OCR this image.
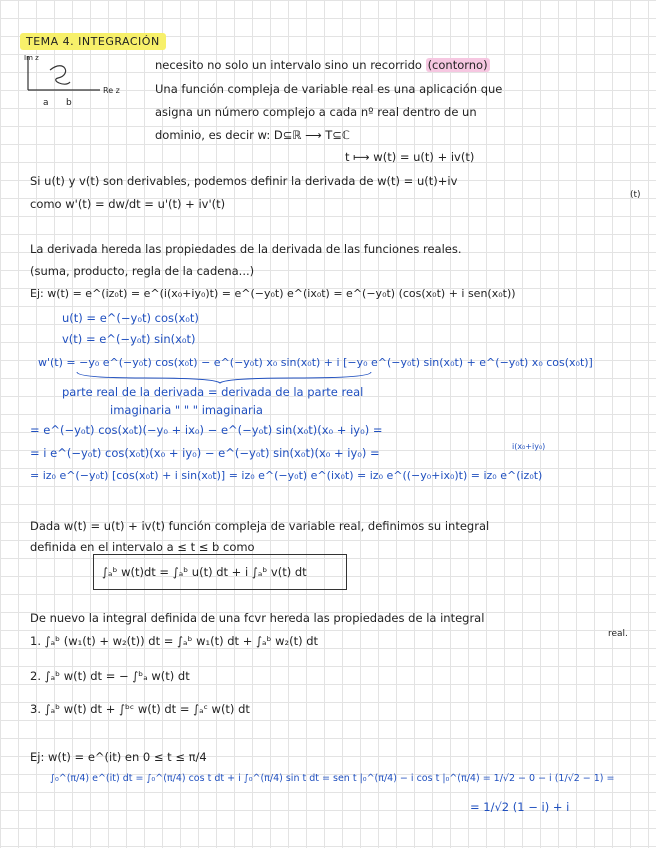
TEMA 4. INTEGRACIÓN
Im z
Re z
a b
necesito no solo un intervalo sino un recorrido (contorno)
Una función compleja de variable real es una aplicación que
asigna un número complejo a cada nº real dentro de un
dominio, es decir w: D⊆ℝ ⟶ T⊆ℂ
t ⟼ w(t) = u(t) + iv(t)
Si u(t) y v(t) son derivables, podemos definir la derivada de w(t) = u(t)+iv
(t)
como w'(t) = dw/dt = u'(t) + iv'(t)
La derivada hereda las propiedades de la derivada de las funciones reales.
(suma, producto, regla de la cadena...)
Ej: w(t) = e^(iz₀t) = e^(i(x₀+iy₀)t) = e^(−y₀t) e^(ix₀t) = e^(−y₀t) (cos(x₀t) + i sen(x₀t))
u(t) = e^(−y₀t) cos(x₀t)
v(t) = e^(−y₀t) sin(x₀t)
w'(t) = −y₀ e^(−y₀t) cos(x₀t) − e^(−y₀t) x₀ sin(x₀t) + i [−y₀ e^(−y₀t) sin(x₀t) + e^(−y₀t) x₀ cos(x₀t)]
parte real de la derivada = derivada de la parte real
imaginaria " " " imaginaria
= e^(−y₀t) cos(x₀t)(−y₀ + ix₀) − e^(−y₀t) sin(x₀t)(x₀ + iy₀) =
i(x₀+iy₀)
= i e^(−y₀t) cos(x₀t)(x₀ + iy₀) − e^(−y₀t) sin(x₀t)(x₀ + iy₀) =
= iz₀ e^(−y₀t) [cos(x₀t) + i sin(x₀t)] = iz₀ e^(−y₀t) e^(ix₀t) = iz₀ e^((−y₀+ix₀)t) = iz₀ e^(iz₀t)
Dada w(t) = u(t) + iv(t) función compleja de variable real, definimos su integral
definida en el intervalo a ≤ t ≤ b como
∫ₐᵇ w(t)dt = ∫ₐᵇ u(t) dt + i ∫ₐᵇ v(t) dt
De nuevo la integral definida de una fcvr hereda las propiedades de la integral
real.
1. ∫ₐᵇ (w₁(t) + w₂(t)) dt = ∫ₐᵇ w₁(t) dt + ∫ₐᵇ w₂(t) dt
2. ∫ₐᵇ w(t) dt = − ∫ᵇₐ w(t) dt
3. ∫ₐᵇ w(t) dt + ∫ᵇᶜ w(t) dt = ∫ₐᶜ w(t) dt
Ej: w(t) = e^(it) en 0 ≤ t ≤ π/4
∫₀^(π/4) e^(it) dt = ∫₀^(π/4) cos t dt + i ∫₀^(π/4) sin t dt = sen t |₀^(π/4) − i cos t |₀^(π/4) = 1/√2 − 0 − i (1/√2 − 1) =
= 1/√2 (1 − i) + i
